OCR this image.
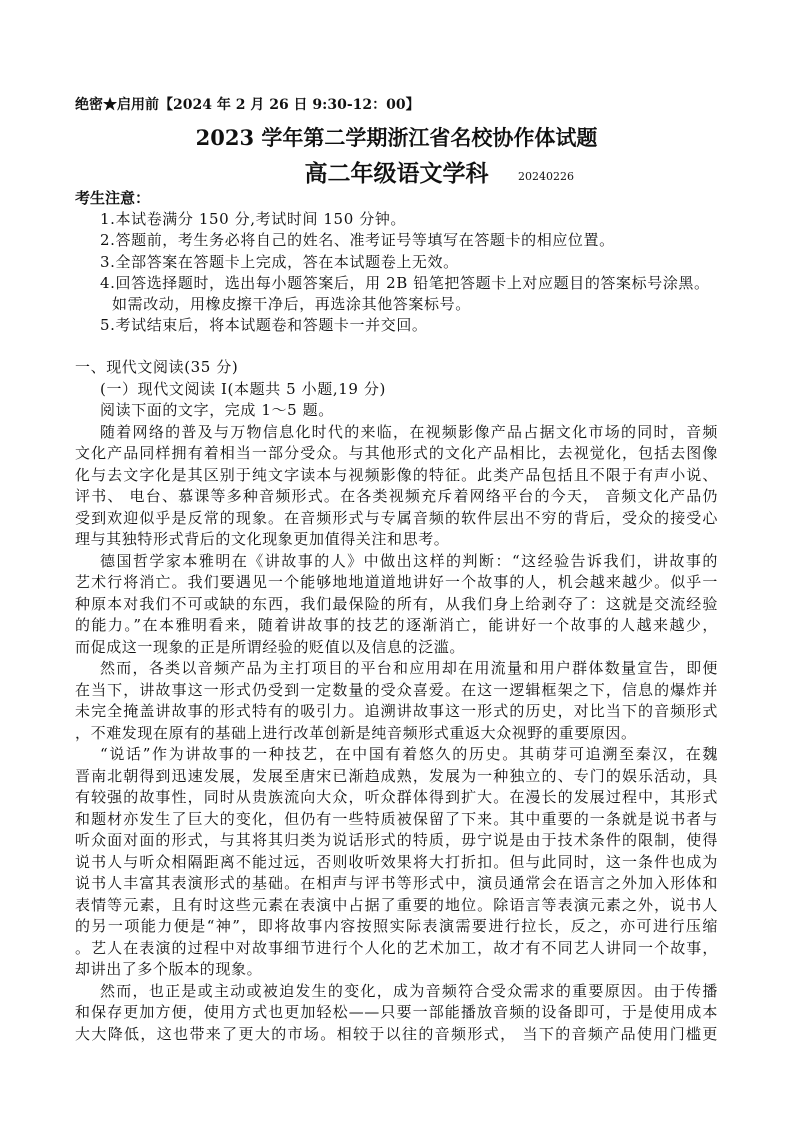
绝密★启用前【2024 年 2 月 26 日 9:30-12：00】
2023 学年第二学期浙江省名校协作体试题
高二年级语文学科	20240226
考生注意：
1.本试卷满分 150 分,考试时间 150 分钟。
2.答题前，考生务必将自己的姓名、准考证号等填写在答题卡的相应位置。
3.全部答案在答题卡上完成，答在本试题卷上无效。
4.回答选择题时，选出每小题答案后，用 2B 铅笔把答题卡上对应题目的答案标号涂黑。
如需改动，用橡皮擦干净后，再选涂其他答案标号。
5.考试结束后，将本试题卷和答题卡一并交回。
一、现代文阅读(35 分)
(一）现代文阅读 I(本题共 5 小题,19 分)
阅读下面的文字，完成 1～5 题。
随着网络的普及与万物信息化时代的来临，在视频影像产品占据文化市场的同时，音频
文化产品同样拥有着相当一部分受众。与其他形式的文化产品相比，去视觉化，包括去图像
化与去文字化是其区别于纯文字读本与视频影像的特征。此类产品包括且不限于有声小说、
评书、 电台、慕课等多种音频形式。在各类视频充斥着网络平台的今天， 音频文化产品仍
受到欢迎似乎是反常的现象。在音频形式与专属音频的软件层出不穷的背后，受众的接受心
理与其独特形式背后的文化现象更加值得关注和思考。
德国哲学家本雅明在《讲故事的人》中做出这样的判断：“这经验告诉我们，讲故事的
艺术行将消亡。我们要遇见一个能够地地道道地讲好一个故事的人，机会越来越少。似乎一
种原本对我们不可或缺的东西，我们最保险的所有，从我们身上给剥夺了：这就是交流经验
的能力。”在本雅明看来，随着讲故事的技艺的逐渐消亡，能讲好一个故事的人越来越少，
而促成这一现象的正是所谓经验的贬值以及信息的泛滥。
然而，各类以音频产品为主打项目的平台和应用却在用流量和用户群体数量宣告，即便
在当下，讲故事这一形式仍受到一定数量的受众喜爱。在这一逻辑框架之下，信息的爆炸并
未完全掩盖讲故事的形式特有的吸引力。追溯讲故事这一形式的历史，对比当下的音频形式
，不难发现在原有的基础上进行改革创新是纯音频形式重返大众视野的重要原因。
“说话”作为讲故事的一种技艺，在中国有着悠久的历史。其萌芽可追溯至秦汉，在魏
晋南北朝得到迅速发展，发展至唐宋已渐趋成熟，发展为一种独立的、专门的娱乐活动，具
有较强的故事性，同时从贵族流向大众，听众群体得到扩大。在漫长的发展过程中，其形式
和题材亦发生了巨大的变化，但仍有一些特质被保留了下来。其中重要的一条就是说书者与
听众面对面的形式，与其将其归类为说话形式的特质，毋宁说是由于技术条件的限制，使得
说书人与听众相隔距离不能过远，否则收听效果将大打折扣。但与此同时，这一条件也成为
说书人丰富其表演形式的基础。在相声与评书等形式中，演员通常会在语言之外加入形体和
表情等元素，且有时这些元素在表演中占据了重要的地位。除语言等表演元素之外，说书人
的另一项能力便是“神”，即将故事内容按照实际表演需要进行拉长，反之，亦可进行压缩
。艺人在表演的过程中对故事细节进行个人化的艺术加工，故才有不同艺人讲同一个故事，
却讲出了多个版本的现象。
然而，也正是或主动或被迫发生的变化，成为音频符合受众需求的重要原因。由于传播
和保存更加方便，使用方式也更加轻松——只要一部能播放音频的设备即可，于是使用成本
大大降低，这也带来了更大的市场。相较于以往的音频形式， 当下的音频产品使用门槛更
